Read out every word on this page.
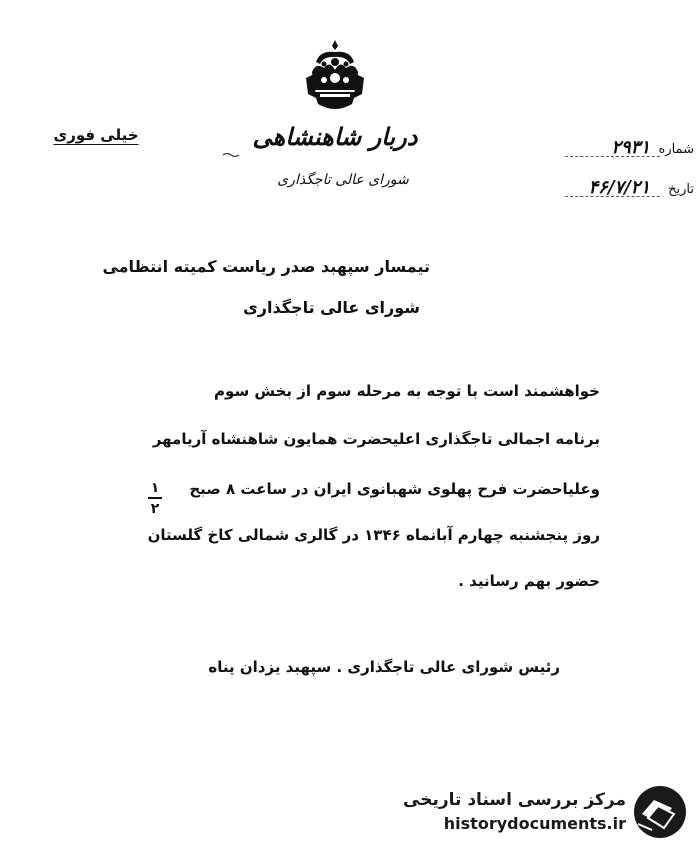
دربار شاهنشاهی
شورای عالی تاجگذاری
خیلی فوری
شماره
۲۹۳۱
تاریخ
۴۶/۷/۲۱
تیمسار سپهبد صدر ریاست کمیته انتظامی
شورای عالی تاجگذاری
خواهشمند است با توجه به مرحله سوم از بخش سوم
برنامه اجمالی تاجگذاری اعلیحضرت همایون شاهنشاه آریامهر
وعلیاحضرت فرح پهلوی شهبانوی ایران در ساعت ۸ صبح
۱
۲
روز پنجشنبه چهارم آبانماه ۱۳۴۶ در گالری شمالی کاخ گلستان
حضور بهم رسانید .
رئیس شورای عالی تاجگذاری . سپهبد یزدان پناه
مرکز بررسی اسناد تاریخی
historydocuments.ir
